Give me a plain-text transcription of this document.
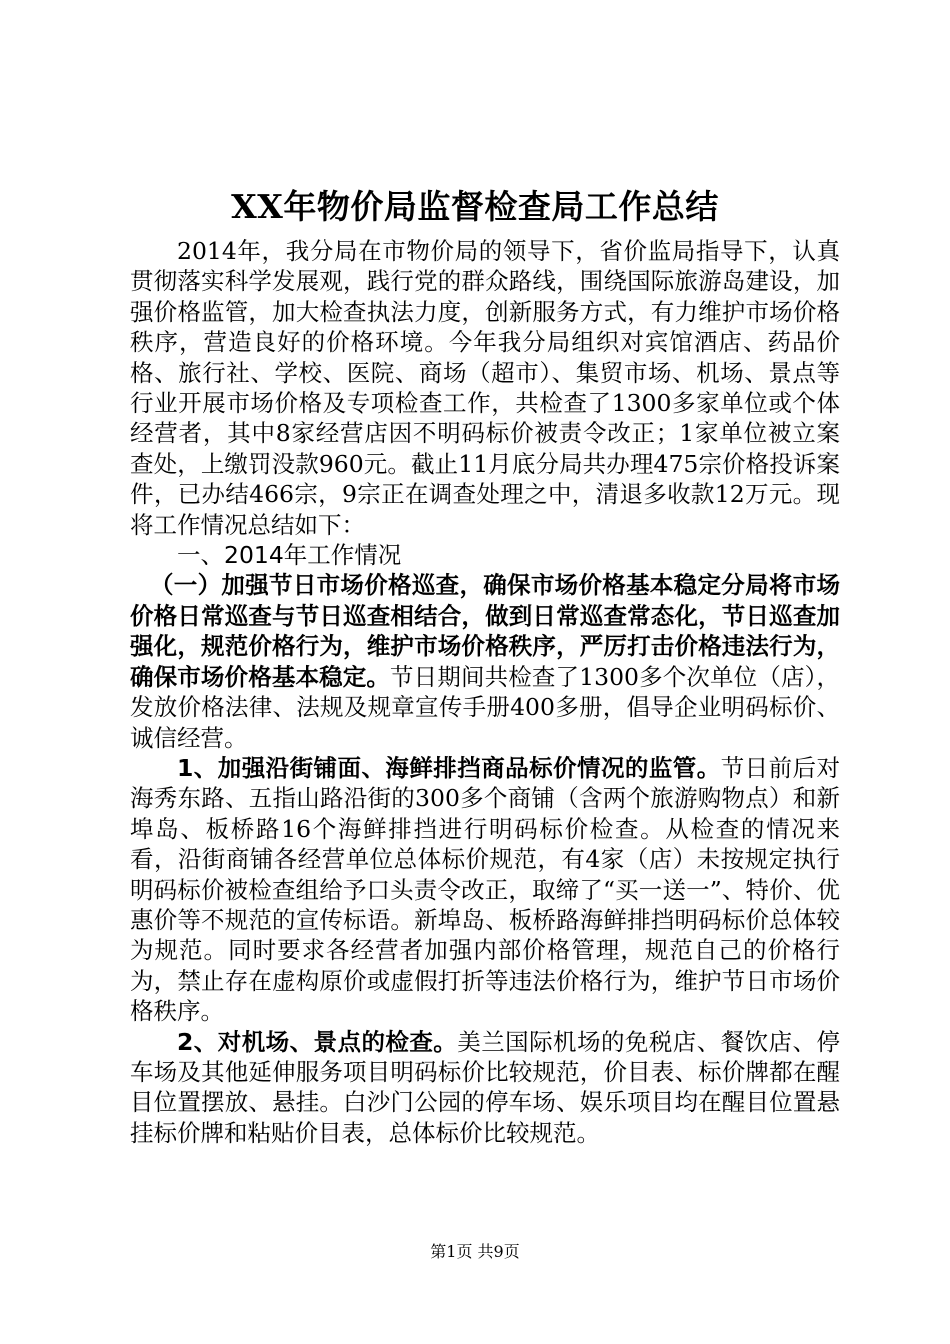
XX年物价局监督检查局工作总结

2014年，我分局在市物价局的领导下，省价监局指导下，认真贯彻落实科学发展观，践行党的群众路线，围绕国际旅游岛建设，加强价格监管，加大检查执法力度，创新服务方式，有力维护市场价格秩序，营造良好的价格环境。今年我分局组织对宾馆酒店、药品价格、旅行社、学校、医院、商场（超市）、集贸市场、机场、景点等行业开展市场价格及专项检查工作，共检查了1300多家单位或个体经营者，其中8家经营店因不明码标价被责令改正；1家单位被立案查处，上缴罚没款960元。截止11月底分局共办理475宗价格投诉案件，已办结466宗，9宗正在调查处理之中，清退多收款12万元。现将工作情况总结如下：

一、2014年工作情况

（一）加强节日市场价格巡查，确保市场价格基本稳定分局将市场价格日常巡查与节日巡查相结合，做到日常巡查常态化，节日巡查加强化，规范价格行为，维护市场价格秩序，严厉打击价格违法行为，确保市场价格基本稳定。节日期间共检查了1300多个次单位（店），发放价格法律、法规及规章宣传手册400多册，倡导企业明码标价、诚信经营。

1、加强沿街铺面、海鲜排挡商品标价情况的监管。节日前后对海秀东路、五指山路沿街的300多个商铺（含两个旅游购物点）和新埠岛、板桥路16个海鲜排挡进行明码标价检查。从检查的情况来看，沿街商铺各经营单位总体标价规范，有4家（店）未按规定执行明码标价被检查组给予口头责令改正，取缔了“买一送一”、特价、优惠价等不规范的宣传标语。新埠岛、板桥路海鲜排挡明码标价总体较为规范。同时要求各经营者加强内部价格管理，规范自己的价格行为，禁止存在虚构原价或虚假打折等违法价格行为，维护节日市场价格秩序。

2、对机场、景点的检查。美兰国际机场的免税店、餐饮店、停车场及其他延伸服务项目明码标价比较规范，价目表、标价牌都在醒目位置摆放、悬挂。白沙门公园的停车场、娱乐项目均在醒目位置悬挂标价牌和粘贴价目表，总体标价比较规范。

第1页 共9页
